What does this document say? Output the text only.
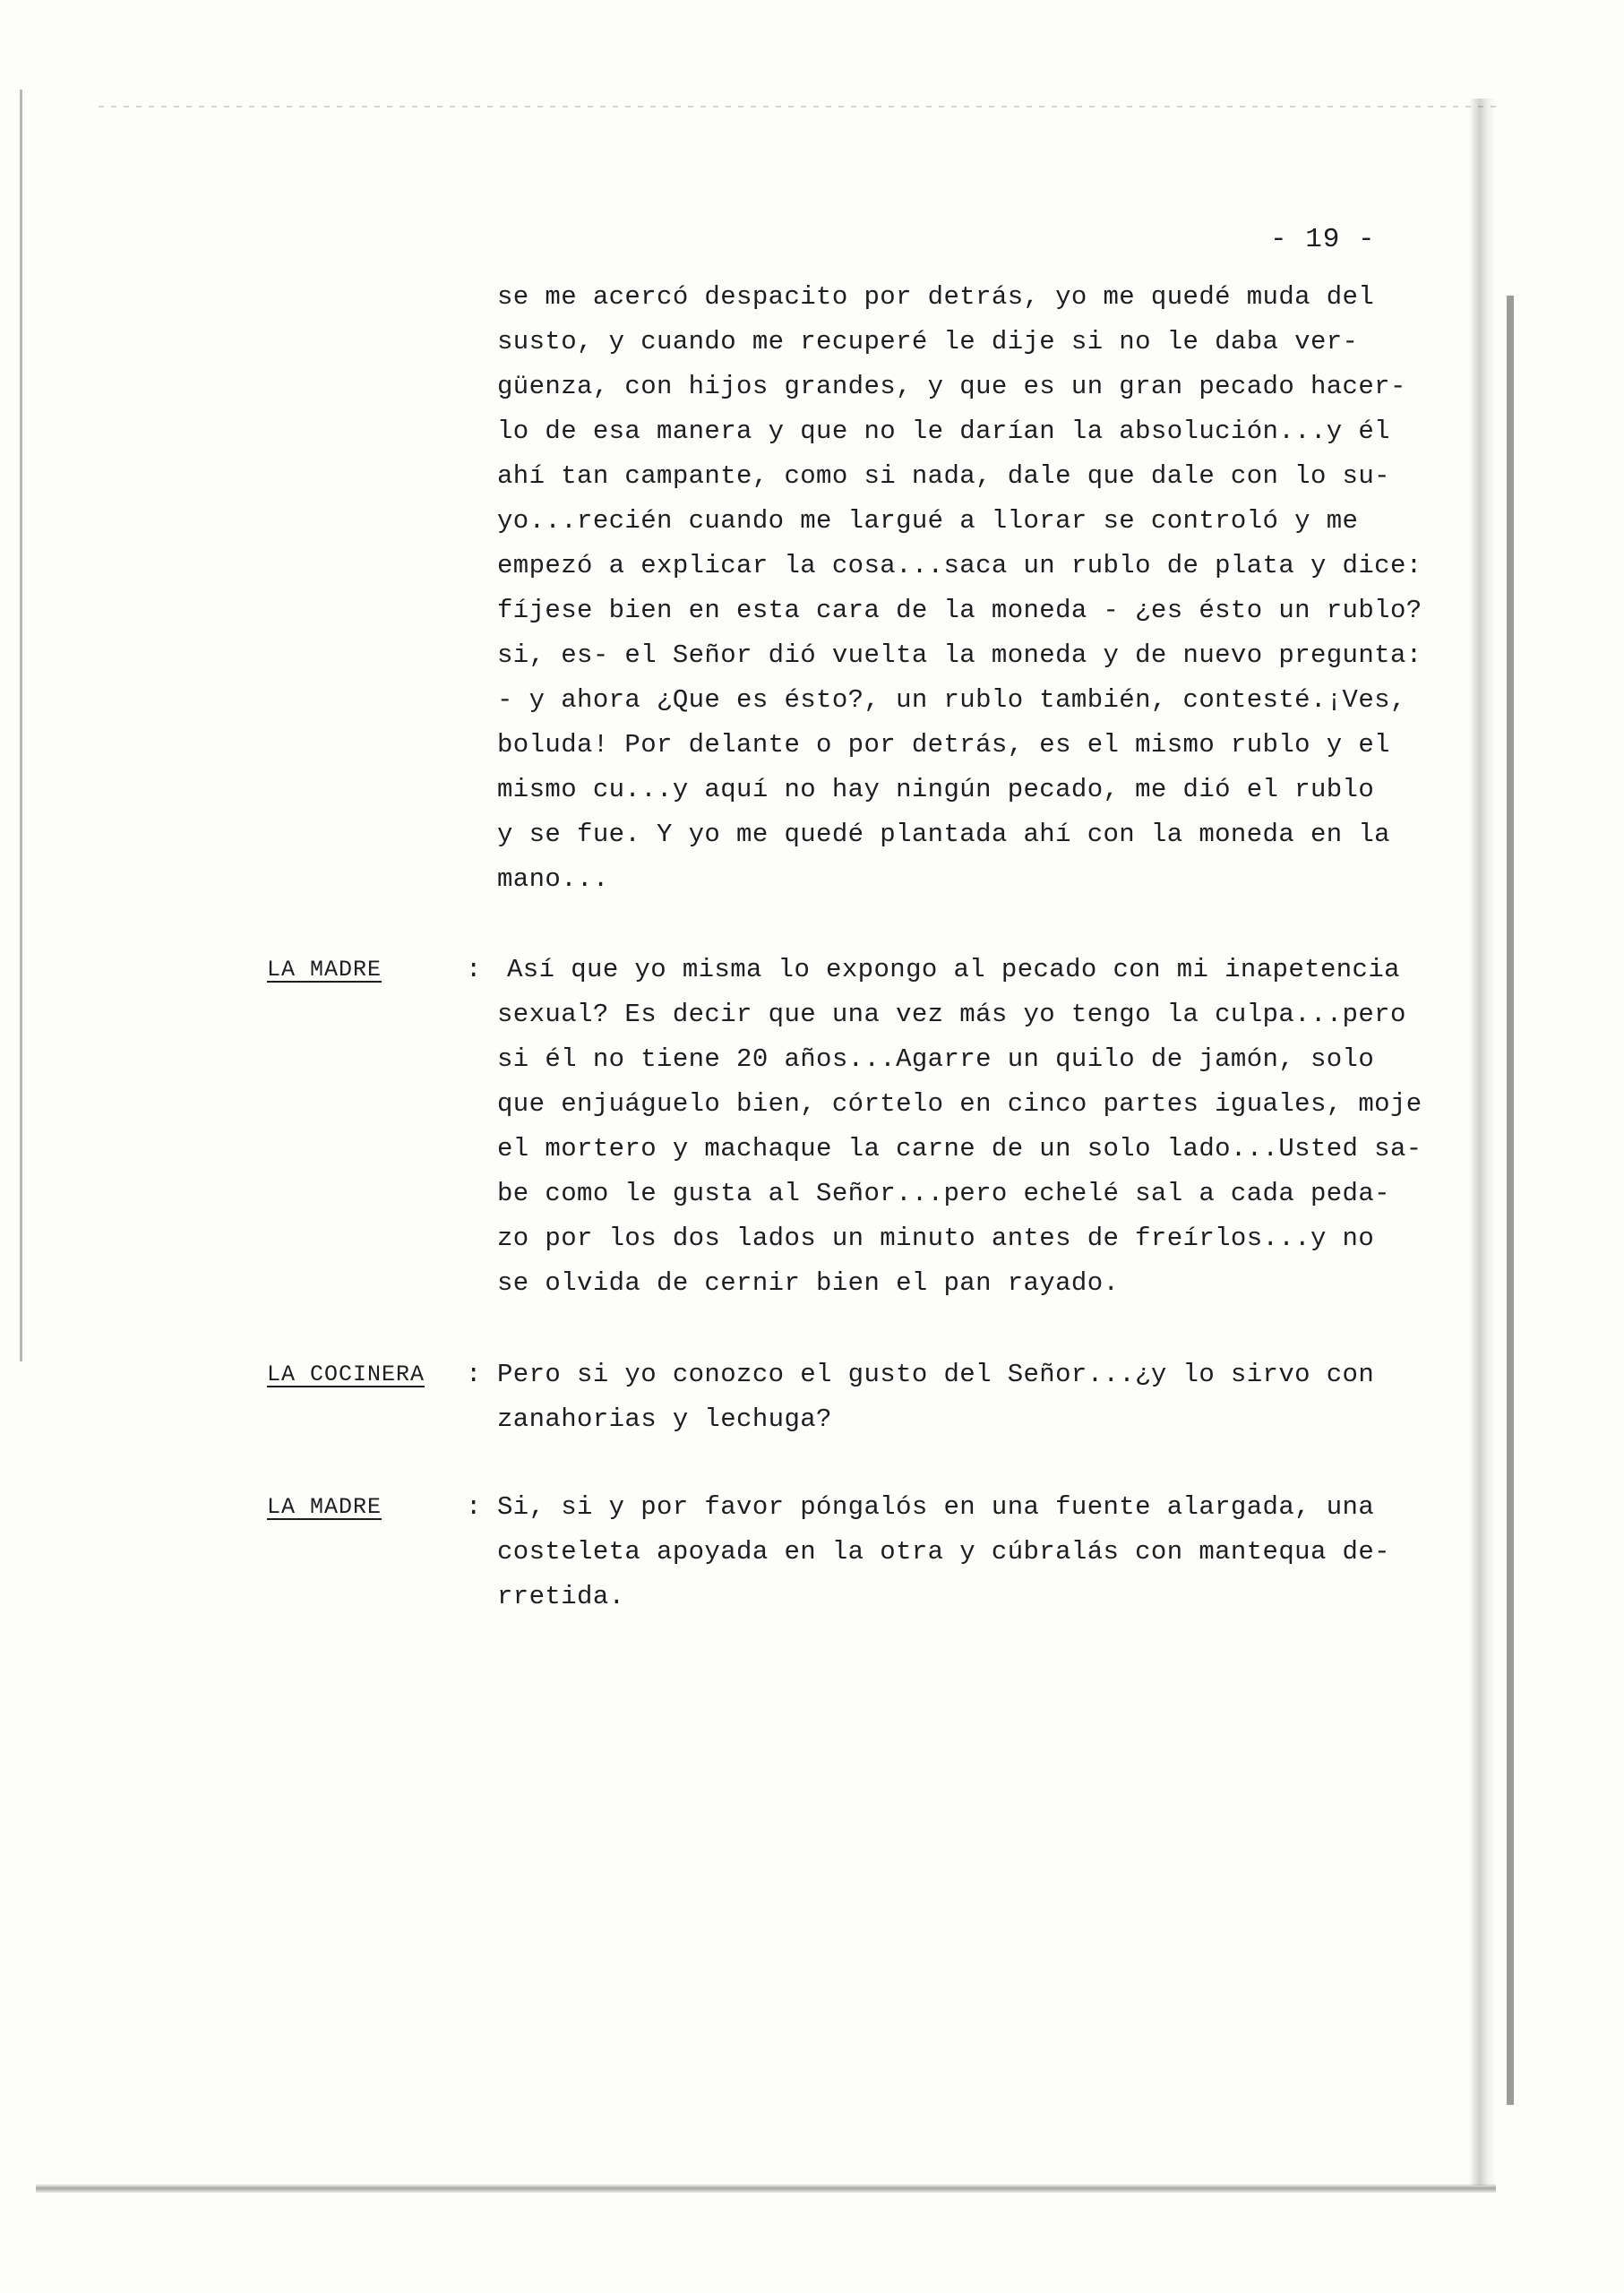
- 19 -
se me acercó despacito por detrás, yo me quedé muda del
susto, y cuando me recuperé le dije si no le daba ver-
güenza, con hijos grandes, y que es un gran pecado hacer-
lo de esa manera y que no le darían la absolución...y él
ahí tan campante, como si nada, dale que dale con lo su-
yo...recién cuando me largué a llorar se controló y me
empezó a explicar la cosa...saca un rublo de plata y dice:
fíjese bien en esta cara de la moneda - ¿es ésto un rublo?
si, es- el Señor dió vuelta la moneda y de nuevo pregunta:
- y ahora ¿Que es ésto?, un rublo también, contesté.¡Ves,
boluda! Por delante o por detrás, es el mismo rublo y el
mismo cu...y aquí no hay ningún pecado, me dió el rublo
y se fue. Y yo me quedé plantada ahí con la moneda en la
mano...
LA MADRE	: Así que yo misma lo expongo al pecado con mi inapetencia
sexual? Es decir que una vez más yo tengo la culpa...pero
si él no tiene 20 años...Agarre un quilo de jamón, solo
que enjuáguelo bien, córtelo en cinco partes iguales, moje
el mortero y machaque la carne de un solo lado...Usted sa-
be como le gusta al Señor...pero echelé sal a cada peda-
zo por los dos lados un minuto antes de freírlos...y no
se olvida de cernir bien el pan rayado.
LA COCINERA : Pero si yo conozco el gusto del Señor...¿y lo sirvo con
zanahorias y lechuga?
LA MADRE	: Si, si y por favor póngalós en una fuente alargada, una
costeleta apoyada en la otra y cúbralás con mantequa de-
rretida.
